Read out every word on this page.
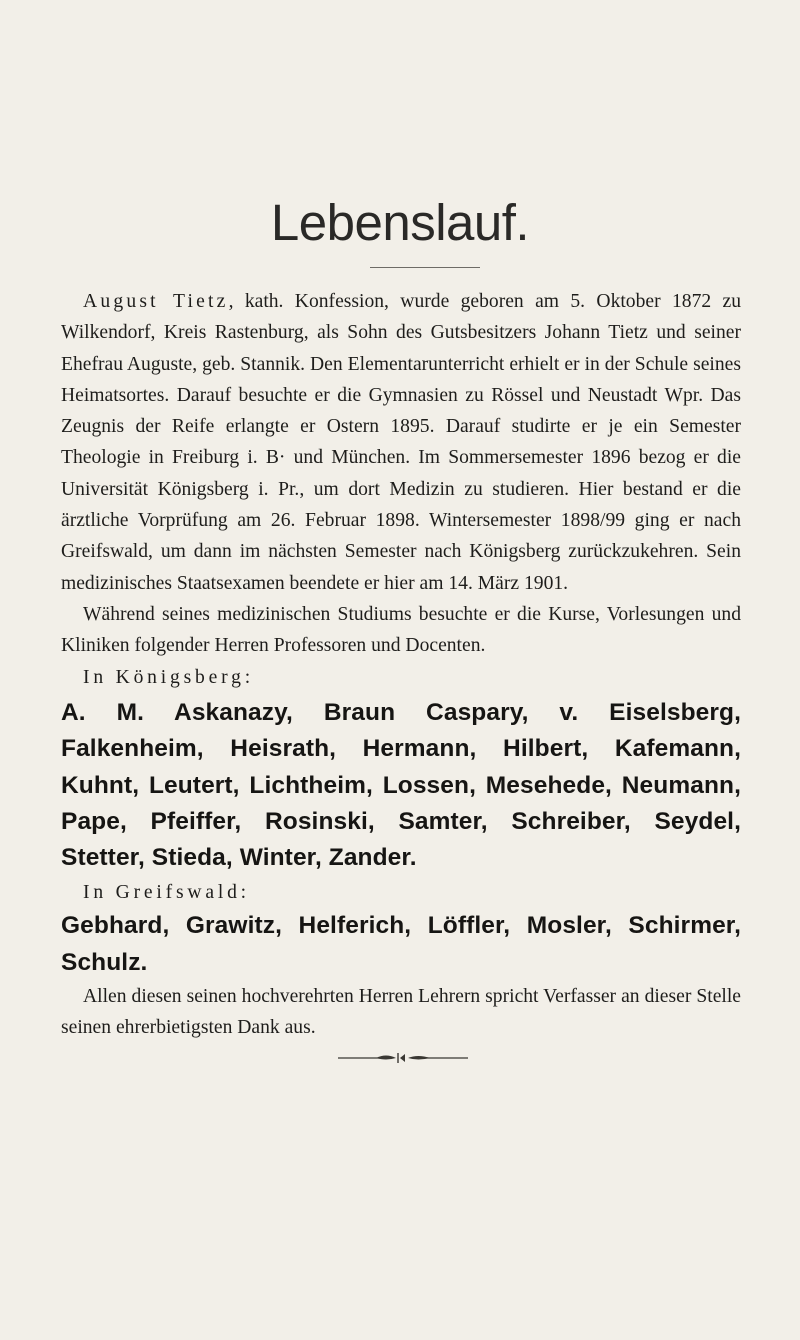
Lebenslauf.

August Tietz, kath. Konfession, wurde geboren am 5. Oktober 1872 zu Wilkendorf, Kreis Rastenburg, als Sohn des Gutsbesitzers Johann Tietz und seiner Ehefrau Auguste, geb. Stannik. Den Elementarunterricht erhielt er in der Schule seines Heimatsortes. Darauf besuchte er die Gymnasien zu Rössel und Neustadt Wpr. Das Zeugnis der Reife erlangte er Ostern 1895. Darauf studirte er je ein Semester Theologie in Freiburg i. B· und München. Im Sommersemester 1896 bezog er die Universität Königsberg i. Pr., um dort Medizin zu studieren. Hier bestand er die ärztliche Vorprüfung am 26. Februar 1898. Wintersemester 1898/99 ging er nach Greifswald, um dann im nächsten Semester nach Königsberg zurückzukehren. Sein medizinisches Staatsexamen beendete er hier am 14. März 1901.

Während seines medizinischen Studiums besuchte er die Kurse, Vorlesungen und Kliniken folgender Herren Professoren und Docenten.

In Königsberg:

A. M. Askanazy, Braun Caspary, v. Eiselsberg, Falkenheim, Heisrath, Hermann, Hilbert, Kafemann, Kuhnt, Leutert, Lichtheim, Lossen, Mesehede, Neumann, Pape, Pfeiffer, Rosinski, Samter, Schreiber, Seydel, Stetter, Stieda, Winter, Zander.

In Greifswald:

Gebhard, Grawitz, Helferich, Löffler, Mosler, Schirmer, Schulz.

Allen diesen seinen hochverehrten Herren Lehrern spricht Verfasser an dieser Stelle seinen ehrerbietigsten Dank aus.
